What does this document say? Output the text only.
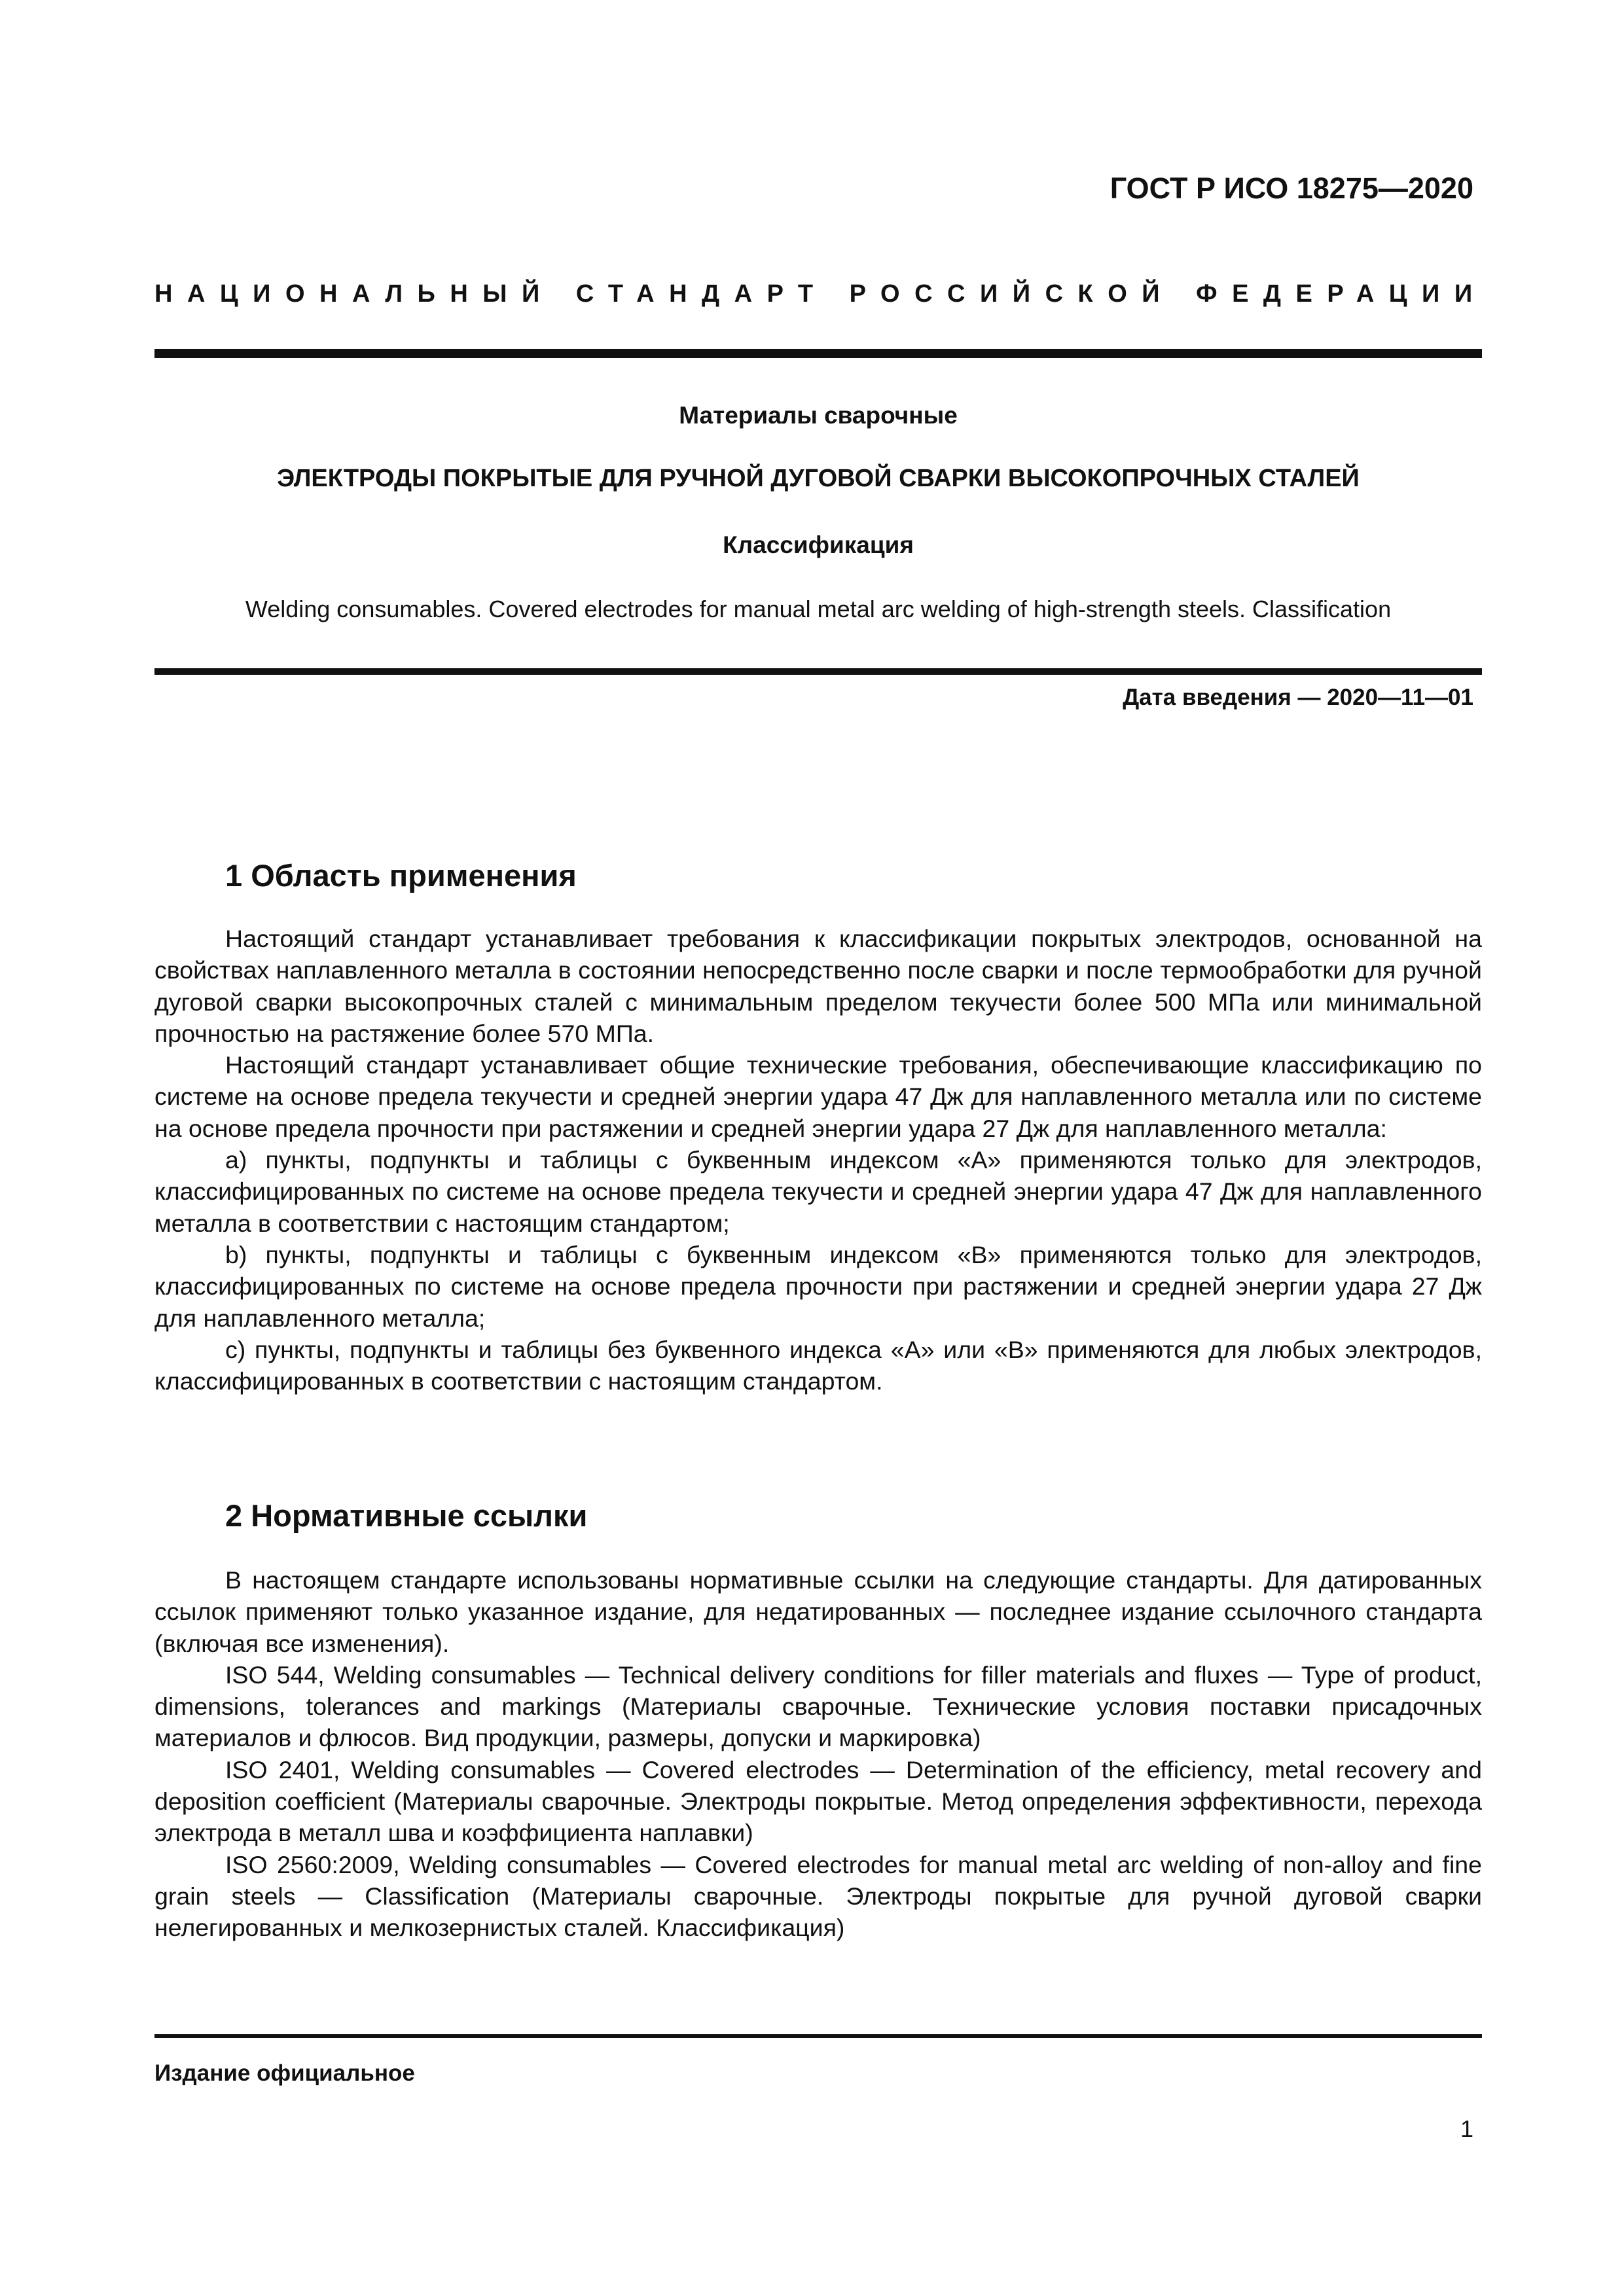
ГОСТ Р ИСО 18275—2020
НАЦИОНАЛЬНЫЙ СТАНДАРТ РОССИЙСКОЙ ФЕДЕРАЦИИ
Материалы сварочные
ЭЛЕКТРОДЫ ПОКРЫТЫЕ ДЛЯ РУЧНОЙ ДУГОВОЙ СВАРКИ ВЫСОКОПРОЧНЫХ СТАЛЕЙ
Классификация
Welding consumables. Covered electrodes for manual metal arc welding of high-strength steels. Classification
Дата введения — 2020—11—01
1 Область применения

Настоящий стандарт устанавливает требования к классификации покрытых электродов, основанной на свойствах наплавленного металла в состоянии непосредственно после сварки и после термообработки для ручной дуговой сварки высокопрочных сталей с минимальным пределом текучести более 500 МПа или минимальной прочностью на растяжение более 570 МПа.

Настоящий стандарт устанавливает общие технические требования, обеспечивающие классификацию по системе на основе предела текучести и средней энергии удара 47 Дж для наплавленного металла или по системе на основе предела прочности при растяжении и средней энергии удара 27 Дж для наплавленного металла:

a) пункты, подпункты и таблицы с буквенным индексом «А» применяются только для электродов, классифицированных по системе на основе предела текучести и средней энергии удара 47 Дж для наплавленного металла в соответствии с настоящим стандартом;

b) пункты, подпункты и таблицы с буквенным индексом «В» применяются только для электродов, классифицированных по системе на основе предела прочности при растяжении и средней энергии удара 27 Дж для наплавленного металла;

c) пункты, подпункты и таблицы без буквенного индекса «А» или «В» применяются для любых электродов, классифицированных в соответствии с настоящим стандартом.

2 Нормативные ссылки

В настоящем стандарте использованы нормативные ссылки на следующие стандарты. Для датированных ссылок применяют только указанное издание, для недатированных — последнее издание ссылочного стандарта (включая все изменения).

ISO 544, Welding consumables — Technical delivery conditions for filler materials and fluxes — Type of product, dimensions, tolerances and markings (Материалы сварочные. Технические условия поставки присадочных материалов и флюсов. Вид продукции, размеры, допуски и маркировка)

ISO 2401, Welding consumables — Covered electrodes — Determination of the efficiency, metal recovery and deposition coefficient (Материалы сварочные. Электроды покрытые. Метод определения эффективности, перехода электрода в металл шва и коэффициента наплавки)

ISO 2560:2009, Welding consumables — Covered electrodes for manual metal arc welding of non-alloy and fine grain steels — Classification (Материалы сварочные. Электроды покрытые для ручной дуговой сварки нелегированных и мелкозернистых сталей. Классификация)

Издание официальное
1
